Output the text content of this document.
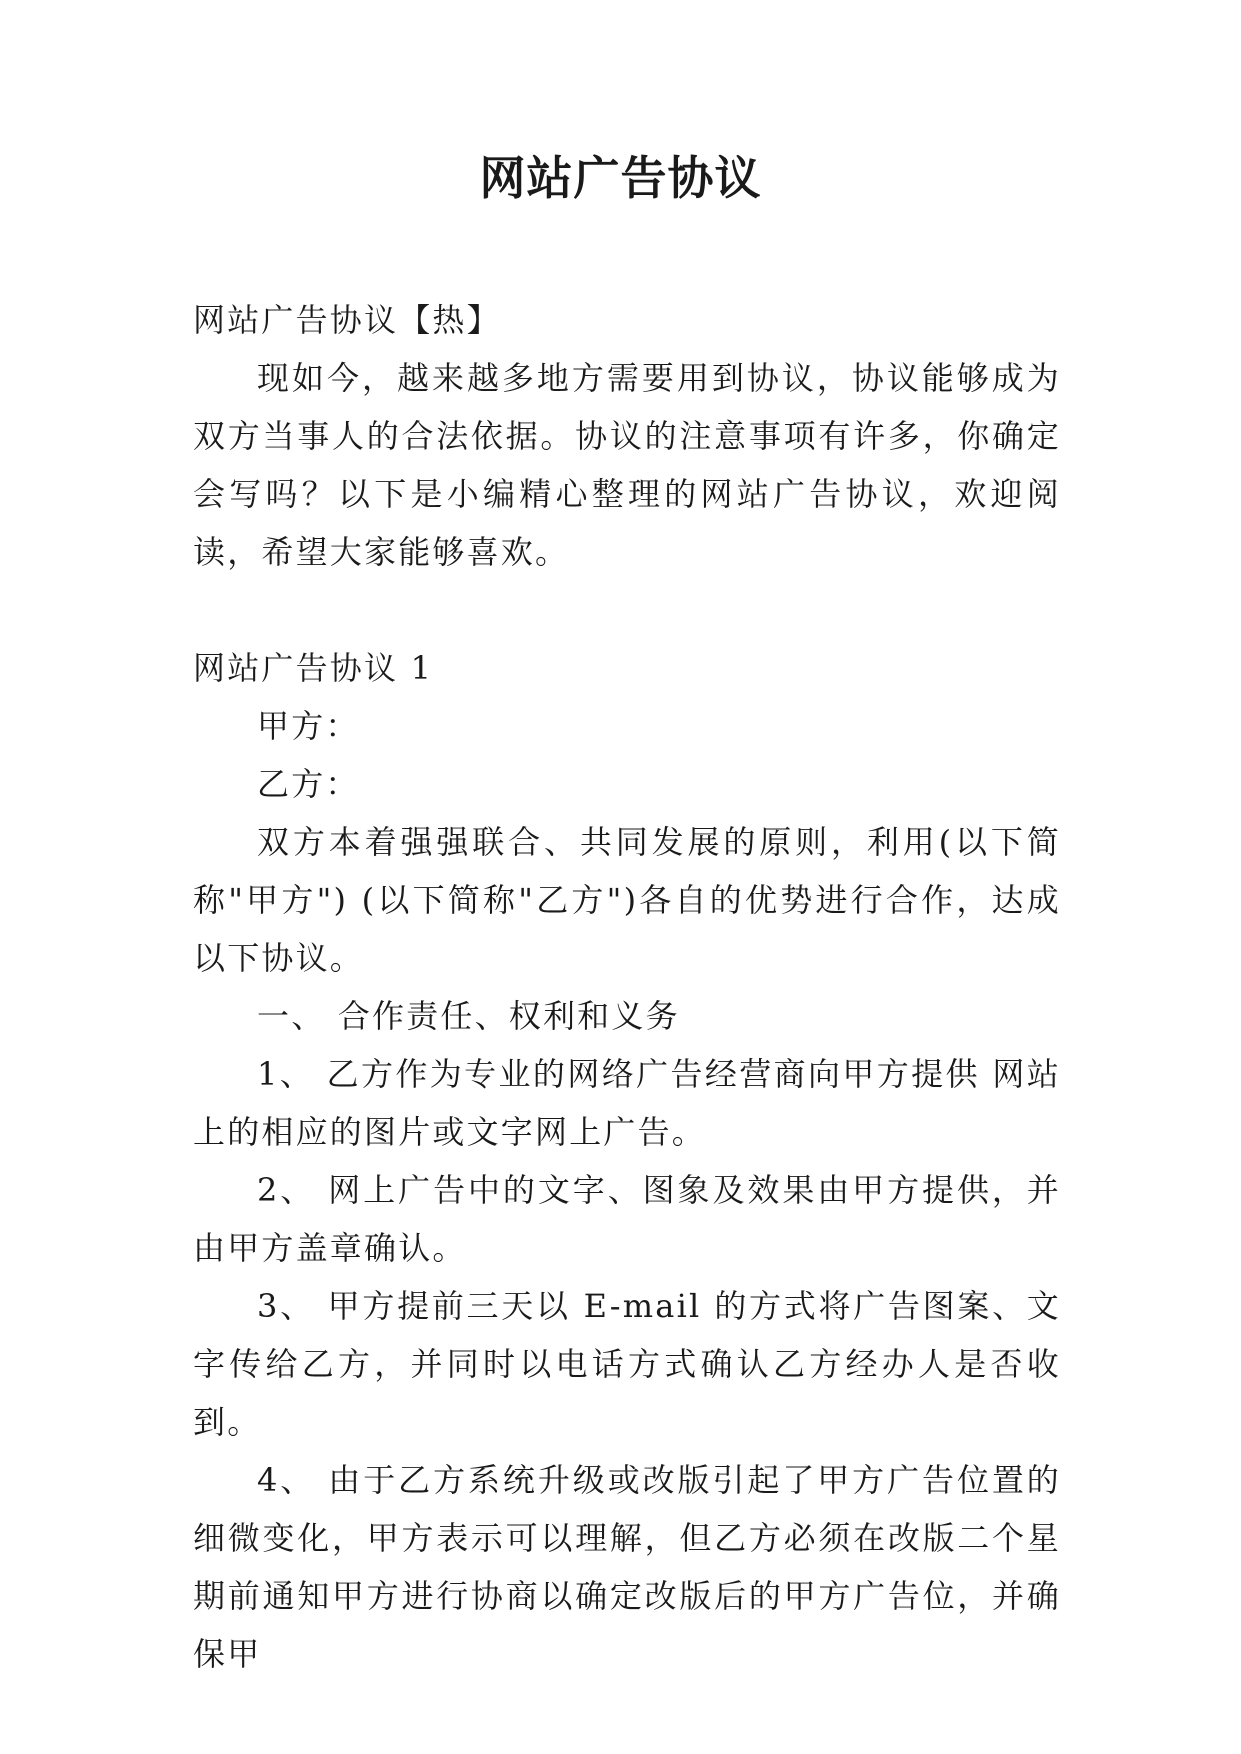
网站广告协议

网站广告协议【热】

现如今，越来越多地方需要用到协议，协议能够成为双方当事人的合法依据。协议的注意事项有许多，你确定会写吗？以下是小编精心整理的网站广告协议，欢迎阅读，希望大家能够喜欢。

网站广告协议 1

甲方：

乙方：

双方本着强强联合、共同发展的原则，利用(以下简称"甲方") (以下简称"乙方")各自的优势进行合作，达成以下协议。

一、 合作责任、权利和义务

1、 乙方作为专业的网络广告经营商向甲方提供 网站上的相应的图片或文字网上广告。

2、 网上广告中的文字、图象及效果由甲方提供，并由甲方盖章确认。

3、 甲方提前三天以 E-mail 的方式将广告图案、文字传给乙方，并同时以电话方式确认乙方经办人是否收到。

4、 由于乙方系统升级或改版引起了甲方广告位置的细微变化，甲方表示可以理解，但乙方必须在改版二个星期前通知甲方进行协商以确定改版后的甲方广告位，并确保甲
